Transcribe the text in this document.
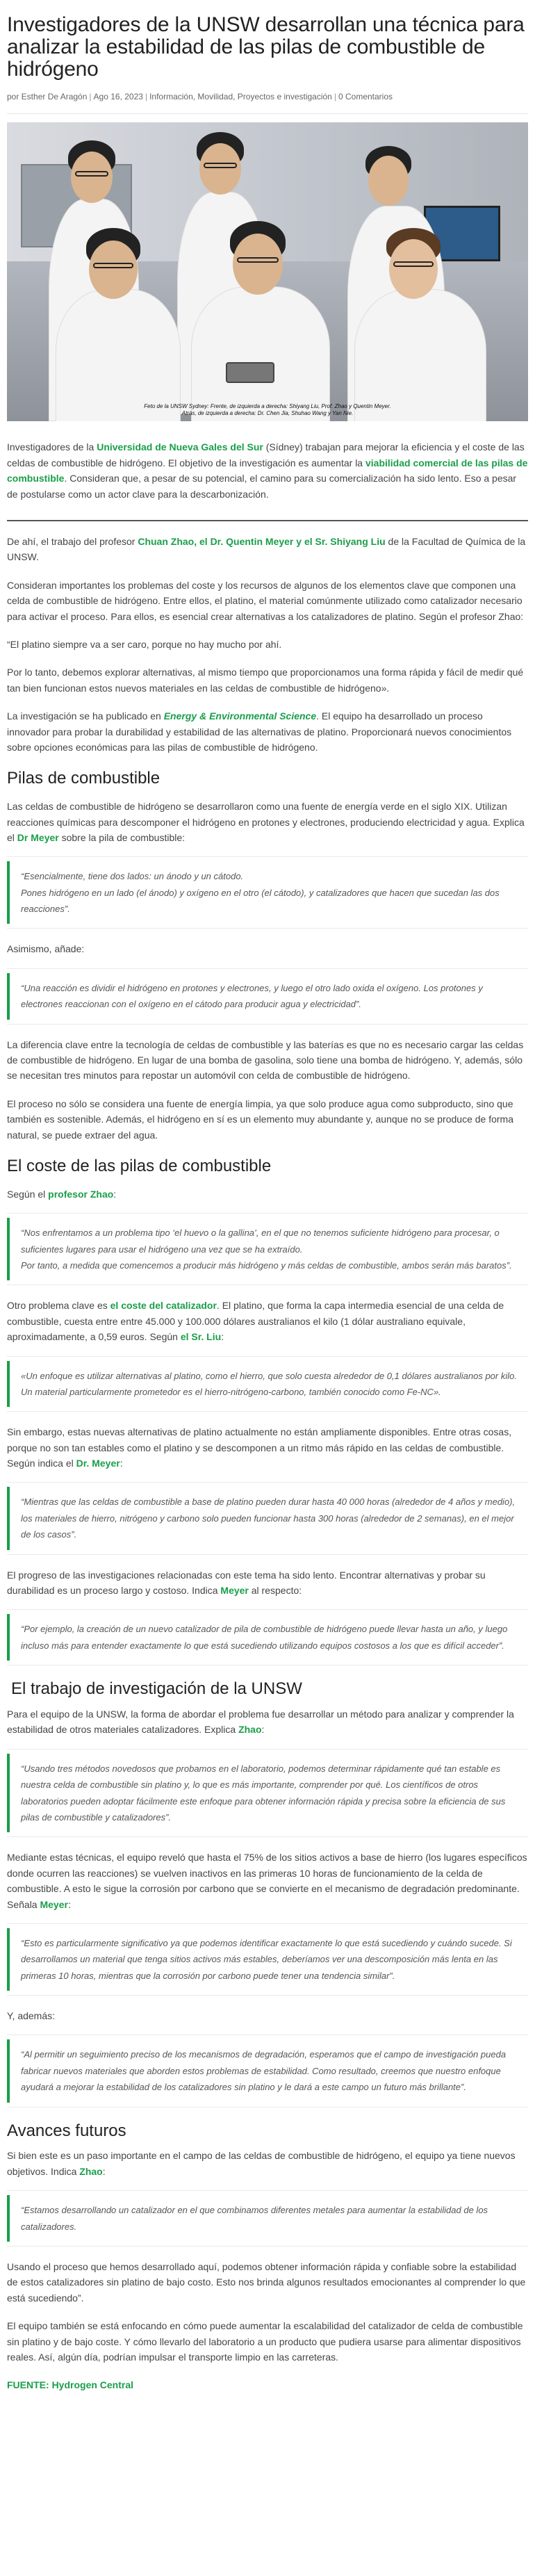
Investigadores de la UNSW desarrollan una técnica para analizar la estabilidad de las pilas de combustible de hidrógeno
por Esther De Aragón | Ago 16, 2023 | Información, Movilidad, Proyectos e investigación | 0 Comentarios
Feto de la UNSW Sydney: Frente, de izquierda a derecha: Shiyang Liu, Prof. Zhao y Quentin Meyer.
Atrás, de izquierda a derecha: Dr. Chen Jia, Shuhao Wang y Yan Nie.

Investigadores de la Universidad de Nueva Gales del Sur (Sídney) trabajan para mejorar la eficiencia y el coste de las celdas de combustible de hidrógeno. El objetivo de la investigación es aumentar la viabilidad comercial de las pilas de combustible. Consideran que, a pesar de su potencial, el camino para su comercialización ha sido lento. Eso a pesar de postularse como un actor clave para la descarbonización.

De ahí, el trabajo del profesor Chuan Zhao, el Dr. Quentin Meyer y el Sr. Shiyang Liu de la Facultad de Química de la UNSW.

Consideran importantes los problemas del coste y los recursos de algunos de los elementos clave que componen una celda de combustible de hidrógeno. Entre ellos, el platino, el material comúnmente utilizado como catalizador necesario para activar el proceso. Para ellos, es esencial crear alternativas a los catalizadores de platino. Según el profesor Zhao:

“El platino siempre va a ser caro, porque no hay mucho por ahí.

Por lo tanto, debemos explorar alternativas, al mismo tiempo que proporcionamos una forma rápida y fácil de medir qué tan bien funcionan estos nuevos materiales en las celdas de combustible de hidrógeno».

La investigación se ha publicado en Energy & Environmental Science. El equipo ha desarrollado un proceso innovador para probar la durabilidad y estabilidad de las alternativas de platino. Proporcionará nuevos conocimientos sobre opciones económicas para las pilas de combustible de hidrógeno.

Pilas de combustible

Las celdas de combustible de hidrógeno se desarrollaron como una fuente de energía verde en el siglo XIX. Utilizan reacciones químicas para descomponer el hidrógeno en protones y electrones, produciendo electricidad y agua. Explica el Dr Meyer sobre la pila de combustible:

“Esencialmente, tiene dos lados: un ánodo y un cátodo.
Pones hidrógeno en un lado (el ánodo) y oxígeno en el otro (el cátodo), y catalizadores que hacen que sucedan las dos reacciones”.

Asimismo, añade:

“Una reacción es dividir el hidrógeno en protones y electrones, y luego el otro lado oxida el oxígeno. Los protones y electrones reaccionan con el oxígeno en el cátodo para producir agua y electricidad”.

La diferencia clave entre la tecnología de celdas de combustible y las baterías es que no es necesario cargar las celdas de combustible de hidrógeno. En lugar de una bomba de gasolina, solo tiene una bomba de hidrógeno. Y, además, sólo se necesitan tres minutos para repostar un automóvil con celda de combustible de hidrógeno.

El proceso no sólo se considera una fuente de energía limpia, ya que solo produce agua como subproducto, sino que también es sostenible. Además, el hidrógeno en sí es un elemento muy abundante y, aunque no se produce de forma natural, se puede extraer del agua.

El coste de las pilas de combustible

Según el profesor Zhao:

“Nos enfrentamos a un problema tipo ‘el huevo o la gallina’, en el que no tenemos suficiente hidrógeno para procesar, o suficientes lugares para usar el hidrógeno una vez que se ha extraído.
Por tanto, a medida que comencemos a producir más hidrógeno y más celdas de combustible, ambos serán más baratos”.

Otro problema clave es el coste del catalizador. El platino, que forma la capa intermedia esencial de una celda de combustible, cuesta entre entre 45.000 y 100.000 dólares australianos el kilo (1 dólar australiano equivale, aproximadamente, a 0,59 euros. Según el Sr. Liu:

«Un enfoque es utilizar alternativas al platino, como el hierro, que solo cuesta alrededor de 0,1 dólares australianos por kilo. Un material particularmente prometedor es el hierro-nitrógeno-carbono, también conocido como Fe-NC».

Sin embargo, estas nuevas alternativas de platino actualmente no están ampliamente disponibles. Entre otras cosas, porque no son tan estables como el platino y se descomponen a un ritmo más rápido en las celdas de combustible. Según indica el Dr. Meyer:

“Mientras que las celdas de combustible a base de platino pueden durar hasta 40 000 horas (alrededor de 4 años y medio), los materiales de hierro, nitrógeno y carbono solo pueden funcionar hasta 300 horas (alrededor de 2 semanas), en el mejor de los casos”.

El progreso de las investigaciones relacionadas con este tema ha sido lento. Encontrar alternativas y probar su durabilidad es un proceso largo y costoso. Indica Meyer al respecto:

“Por ejemplo, la creación de un nuevo catalizador de pila de combustible de hidrógeno puede llevar hasta un año, y luego incluso más para entender exactamente lo que está sucediendo utilizando equipos costosos a los que es difícil acceder”.
El trabajo de investigación de la UNSW

Para el equipo de la UNSW, la forma de abordar el problema fue desarrollar un método para analizar y comprender la estabilidad de otros materiales catalizadores. Explica Zhao:

“Usando tres métodos novedosos que probamos en el laboratorio, podemos determinar rápidamente qué tan estable es nuestra celda de combustible sin platino y, lo que es más importante, comprender por qué. Los científicos de otros laboratorios pueden adoptar fácilmente este enfoque para obtener información rápida y precisa sobre la eficiencia de sus pilas de combustible y catalizadores”.

Mediante estas técnicas, el equipo reveló que hasta el 75% de los sitios activos a base de hierro (los lugares específicos donde ocurren las reacciones) se vuelven inactivos en las primeras 10 horas de funcionamiento de la celda de combustible. A esto le sigue la corrosión por carbono que se convierte en el mecanismo de degradación predominante. Señala Meyer:

“Esto es particularmente significativo ya que podemos identificar exactamente lo que está sucediendo y cuándo sucede. Si desarrollamos un material que tenga sitios activos más estables, deberíamos ver una descomposición más lenta en las primeras 10 horas, mientras que la corrosión por carbono puede tener una tendencia similar”.

Y, además:

“Al permitir un seguimiento preciso de los mecanismos de degradación, esperamos que el campo de investigación pueda fabricar nuevos materiales que aborden estos problemas de estabilidad. Como resultado, creemos que nuestro enfoque ayudará a mejorar la estabilidad de los catalizadores sin platino y le dará a este campo un futuro más brillante”.
Avances futuros

Si bien este es un paso importante en el campo de las celdas de combustible de hidrógeno, el equipo ya tiene nuevos objetivos. Indica Zhao:

“Estamos desarrollando un catalizador en el que combinamos diferentes metales para aumentar la estabilidad de los catalizadores.

Usando el proceso que hemos desarrollado aquí, podemos obtener información rápida y confiable sobre la estabilidad de estos catalizadores sin platino de bajo costo. Esto nos brinda algunos resultados emocionantes al comprender lo que está sucediendo”.

El equipo también se está enfocando en cómo puede aumentar la escalabilidad del catalizador de celda de combustible sin platino y de bajo coste. Y cómo llevarlo del laboratorio a un producto que pudiera usarse para alimentar dispositivos reales. Así, algún día, podrían impulsar el transporte limpio en las carreteras.

FUENTE: Hydrogen Central
